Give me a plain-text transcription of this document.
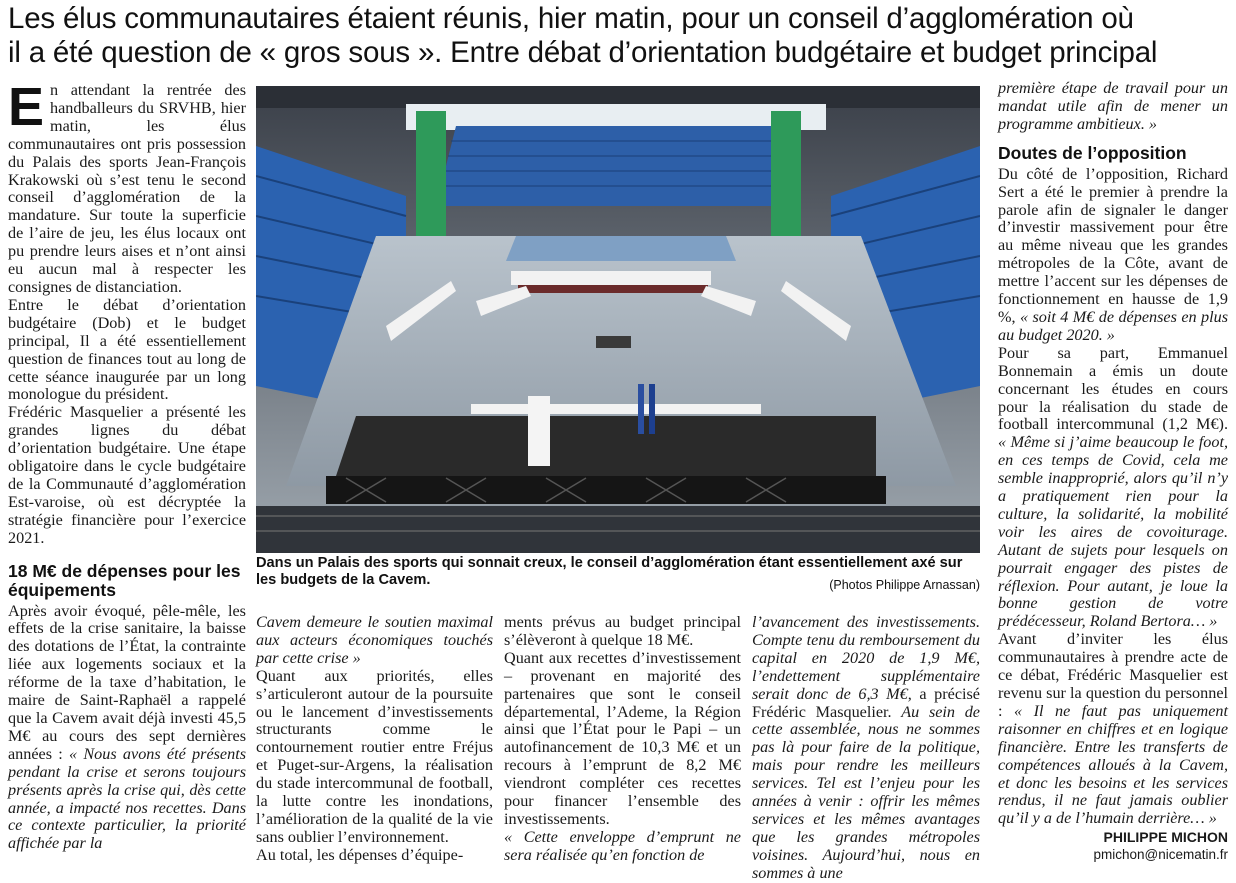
Les élus communautaires étaient réunis, hier matin, pour un conseil d’agglomération où
il a été question de « gros sous ». Entre débat d’orientation budgétaire et budget principal

En attendant la rentrée des handballeurs du SRVHB, hier matin, les élus communautaires ont pris possession du Palais des sports Jean-François Krakowski où s’est tenu le second conseil d’agglomération de la mandature. Sur toute la superficie de l’aire de jeu, les élus locaux ont pu prendre leurs aises et n’ont ainsi eu aucun mal à respecter les consignes de distanciation.

Entre le débat d’orientation budgétaire (Dob) et le budget principal, Il a été essentiellement question de finances tout au long de cette séance inaugurée par un long monologue du président.

Frédéric Masquelier a présenté les grandes lignes du débat d’orientation budgétaire. Une étape obligatoire dans le cycle budgétaire de la Communauté d’agglomération Est-varoise, où est décryptée la stratégie financière pour l’exercice 2021.

18 M€ de dépenses pour les équipements

Après avoir évoqué, pêle-mêle, les effets de la crise sanitaire, la baisse des dotations de l’État, la contrainte liée aux logements sociaux et la réforme de la taxe d’habitation, le maire de Saint-Raphaël a rappelé que la Cavem avait déjà investi 45,5 M€ au cours des sept dernières années : « Nous avons été présents pendant la crise et serons toujours présents après la crise qui, dès cette année, a impacté nos recettes. Dans ce contexte particulier, la priorité affichée par la

Dans un Palais des sports qui sonnait creux, le conseil d’agglomération étant essentiellement axé sur les budgets de la Cavem.	(Photos Philippe Arnassan)

Cavem demeure le soutien maximal aux acteurs économiques touchés par cette crise »

Quant aux priorités, elles s’articuleront autour de la poursuite ou le lancement d’investissements structurants comme le contournement routier entre Fréjus et Puget-sur-Argens, la réalisation du stade intercommunal de football, la lutte contre les inondations, l’amélioration de la qualité de la vie sans oublier l’environnement.

Au total, les dépenses d’équipe-

ments prévus au budget principal s’élèveront à quelque 18 M€.

Quant aux recettes d’investissement – provenant en majorité des partenaires que sont le conseil départemental, l’Ademe, la Région ainsi que l’État pour le Papi – un autofinancement de 10,3 M€ et un recours à l’emprunt de 8,2 M€ viendront compléter ces recettes pour financer l’ensemble des investissements.

« Cette enveloppe d’emprunt ne sera réalisée qu’en fonction de

l’avancement des investissements. Compte tenu du remboursement du capital en 2020 de 1,9 M€, l’endettement supplémentaire serait donc de 6,3 M€, a précisé Frédéric Masquelier. Au sein de cette assemblée, nous ne sommes pas là pour faire de la politique, mais pour rendre les meilleurs services. Tel est l’enjeu pour les années à venir : offrir les mêmes services et les mêmes avantages que les grandes métropoles voisines. Aujourd’hui, nous en sommes à une

première étape de travail pour un mandat utile afin de mener un programme ambitieux. »

Doutes de l’opposition

Du côté de l’opposition, Richard Sert a été le premier à prendre la parole afin de signaler le danger d’investir massivement pour être au même niveau que les grandes métropoles de la Côte, avant de mettre l’accent sur les dépenses de fonctionnement en hausse de 1,9 %, « soit 4 M€ de dépenses en plus au budget 2020. »

Pour sa part, Emmanuel Bonnemain a émis un doute concernant les études en cours pour la réalisation du stade de football intercommunal (1,2 M€). « Même si j’aime beaucoup le foot, en ces temps de Covid, cela me semble inapproprié, alors qu’il n’y a pratiquement rien pour la culture, la solidarité, la mobilité voir les aires de covoiturage. Autant de sujets pour lesquels on pourrait engager des pistes de réflexion. Pour autant, je loue la bonne gestion de votre prédécesseur, Roland Bertora… »

Avant d’inviter les élus communautaires à prendre acte de ce débat, Frédéric Masquelier est revenu sur la question du personnel : « Il ne faut pas uniquement raisonner en chiffres et en logique financière. Entre les transferts de compétences alloués à la Cavem, et donc les besoins et les services rendus, il ne faut jamais oublier qu’il y a de l’humain derrière… »

PHILIPPE MICHON
pmichon@nicematin.fr
